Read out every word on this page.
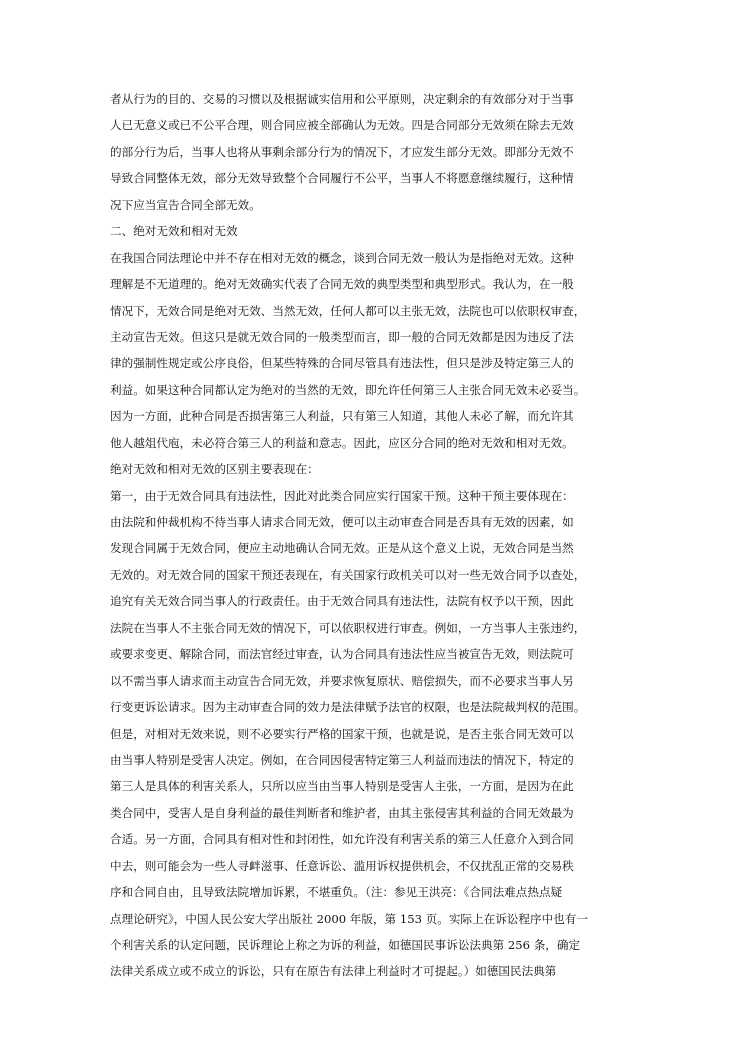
者从行为的目的、交易的习惯以及根据诚实信用和公平原则，决定剩余的有效部分对于当事
人已无意义或已不公平合理，则合同应被全部确认为无效。四是合同部分无效须在除去无效
的部分行为后，当事人也将从事剩余部分行为的情况下，才应发生部分无效。即部分无效不
导致合同整体无效，部分无效导致整个合同履行不公平，当事人不将愿意继续履行，这种情
况下应当宣告合同全部无效。
二、绝对无效和相对无效
在我国合同法理论中并不存在相对无效的概念，谈到合同无效一般认为是指绝对无效。这种
理解是不无道理的。绝对无效确实代表了合同无效的典型类型和典型形式。我认为，在一般
情况下，无效合同是绝对无效、当然无效，任何人都可以主张无效，法院也可以依职权审查，
主动宣告无效。但这只是就无效合同的一般类型而言，即一般的合同无效都是因为违反了法
律的强制性规定或公序良俗，但某些特殊的合同尽管具有违法性，但只是涉及特定第三人的
利益。如果这种合同都认定为绝对的当然的无效，即允许任何第三人主张合同无效未必妥当。
因为一方面，此种合同是否损害第三人利益，只有第三人知道，其他人未必了解，而允许其
他人越俎代庖，未必符合第三人的利益和意志。因此，应区分合同的绝对无效和相对无效。
绝对无效和相对无效的区别主要表现在：
第一，由于无效合同具有违法性，因此对此类合同应实行国家干预。这种干预主要体现在：
由法院和仲裁机构不待当事人请求合同无效，便可以主动审查合同是否具有无效的因素，如
发现合同属于无效合同，便应主动地确认合同无效。正是从这个意义上说，无效合同是当然
无效的。对无效合同的国家干预还表现在，有关国家行政机关可以对一些无效合同予以查处，
追究有关无效合同当事人的行政责任。由于无效合同具有违法性，法院有权予以干预，因此
法院在当事人不主张合同无效的情况下，可以依职权进行审查。例如，一方当事人主张违约，
或要求变更、解除合同，而法官经过审查，认为合同具有违法性应当被宣告无效，则法院可
以不需当事人请求而主动宣告合同无效，并要求恢复原状、赔偿损失，而不必要求当事人另
行变更诉讼请求。因为主动审查合同的效力是法律赋予法官的权限，也是法院裁判权的范围。
但是，对相对无效来说，则不必要实行严格的国家干预，也就是说，是否主张合同无效可以
由当事人特别是受害人决定。例如，在合同因侵害特定第三人利益而违法的情况下，特定的
第三人是具体的利害关系人，只所以应当由当事人特别是受害人主张，一方面，是因为在此
类合同中，受害人是自身利益的最佳判断者和维护者，由其主张侵害其利益的合同无效最为
合适。另一方面，合同具有相对性和封闭性，如允许没有利害关系的第三人任意介入到合同
中去，则可能会为一些人寻衅滋事、任意诉讼、滥用诉权提供机会，不仅扰乱正常的交易秩
序和合同自由，且导致法院增加诉累，不堪重负。（注：参见王洪亮：《合同法难点热点疑
点理论研究》，中国人民公安大学出版社 2000 年版，第 153 页。实际上在诉讼程序中也有一
个利害关系的认定问题，民诉理论上称之为诉的利益，如德国民事诉讼法典第 256 条，确定
法律关系成立或不成立的诉讼，只有在原告有法律上利益时才可提起。）如德国民法典第
